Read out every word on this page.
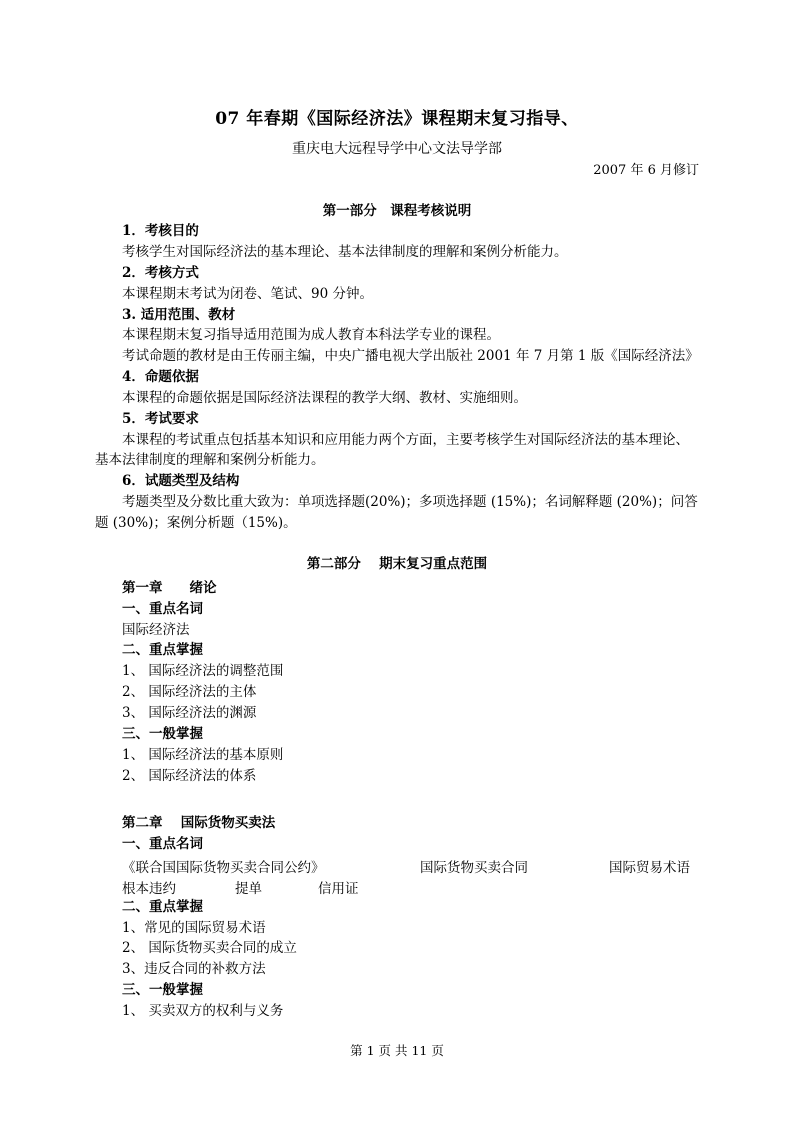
07 年春期《国际经济法》课程期末复习指导、
重庆电大远程导学中心文法导学部
2007 年 6 月修订
第一部分　课程考核说明
1．考核目的
考核学生对国际经济法的基本理论、基本法律制度的理解和案例分析能力。
2．考核方式
本课程期末考试为闭卷、笔试、90 分钟。
3. 适用范围、教材
本课程期末复习指导适用范围为成人教育本科法学专业的课程。
考试命题的教材是由王传丽主编，中央广播电视大学出版社 2001 年 7 月第 1 版《国际经济法》
4．命题依据
本课程的命题依据是国际经济法课程的教学大纲、教材、实施细则。
5．考试要求
本课程的考试重点包括基本知识和应用能力两个方面，主要考核学生对国际经济法的基本理论、
基本法律制度的理解和案例分析能力。
6．试题类型及结构
考题类型及分数比重大致为：单项选择题(20%)；多项选择题 (15%)；名词解释题 (20%)；问答
题 (30%)；案例分析题（15%)。
第二部分　 期末复习重点范围
第一章　　绪论
一、重点名词
国际经济法
二、重点掌握
1、 国际经济法的调整范围
2、 国际经济法的主体
3、 国际经济法的渊源
三、一般掌握
1、 国际经济法的基本原则
2、 国际经济法的体系
第二章　 国际货物买卖法
一、重点名词
《联合国国际货物买卖合同公约》	国际货物买卖合同	国际贸易术语
根本违约	提单	信用证
二、重点掌握
1、常见的国际贸易术语
2、 国际货物买卖合同的成立
3、违反合同的补救方法
三、一般掌握
1、 买卖双方的权利与义务
第 1 页 共 11 页
